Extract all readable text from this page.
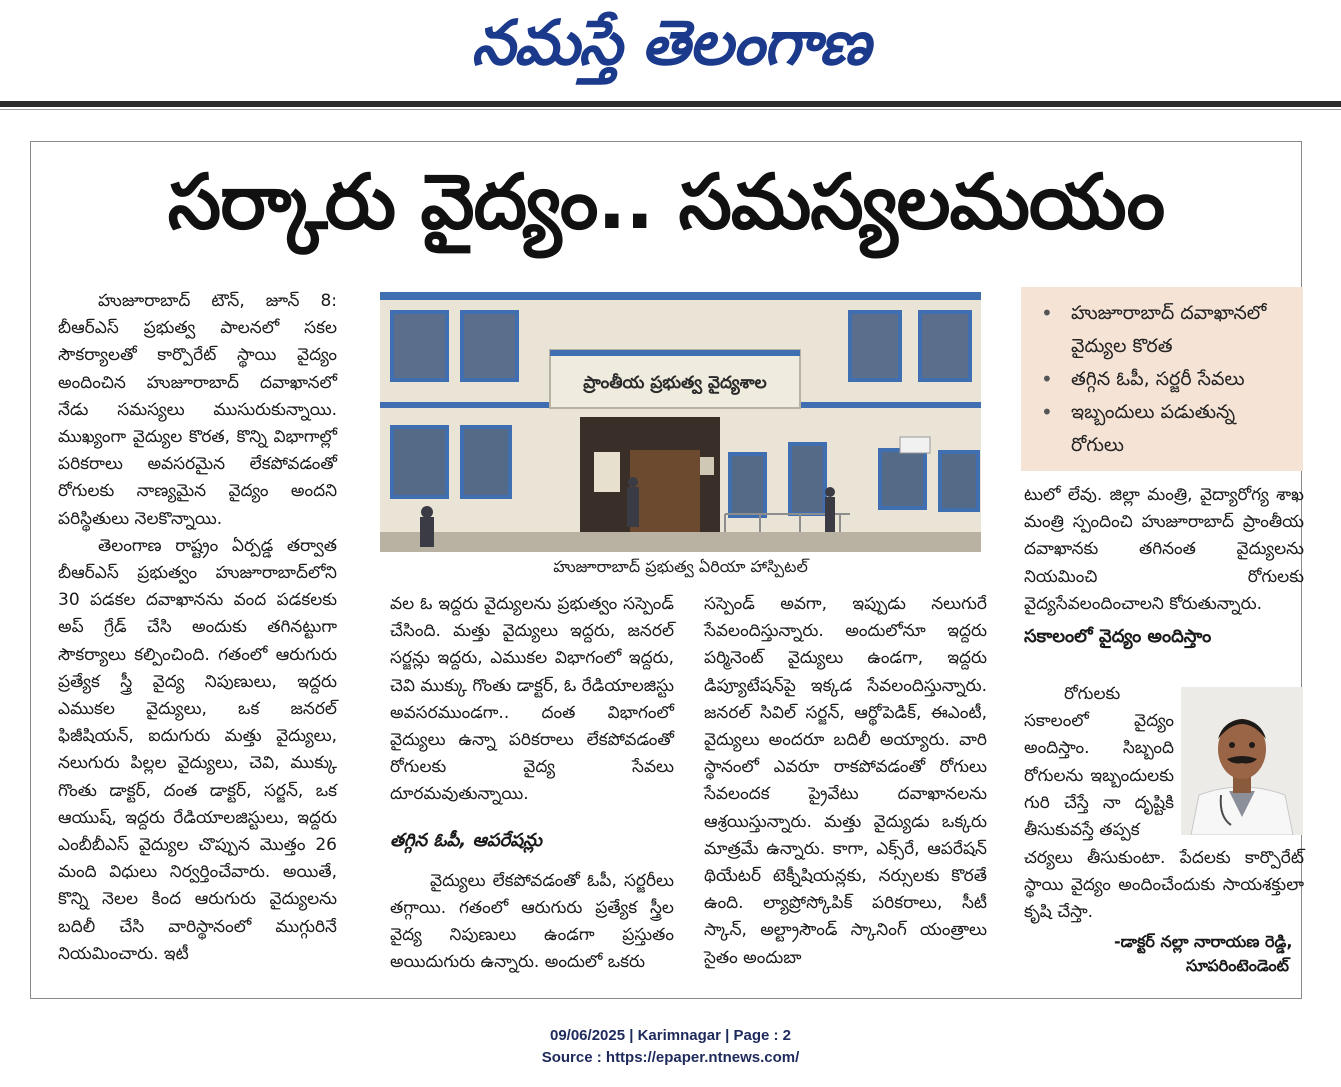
నమస్తే తెలంగాణ
సర్కారు వైద్యం.. సమస్యలమయం

హుజూరాబాద్ టౌన్, జూన్ 8: బీఆర్ఎస్ ప్రభుత్వ పాలనలో సకల సౌకర్యాలతో కార్పొరేట్ స్థాయి వైద్యం అందించిన హుజూరాబాద్ దవాఖానలో నేడు సమస్యలు ముసురుకున్నాయి. ముఖ్యంగా వైద్యుల కొరత, కొన్ని విభాగాల్లో పరికరాలు అవసరమైన లేకపోవడంతో రోగులకు నాణ్యమైన వైద్యం అందని పరిస్థితులు నెలకొన్నాయి.

తెలంగాణ రాష్ట్రం ఏర్పడ్డ తర్వాత బీఆర్ఎస్ ప్రభుత్వం హుజూరాబాద్‌లోని 30 పడకల దవాఖానను వంద పడకలకు అప్ గ్రేడ్ చేసి అందుకు తగినట్టుగా సౌకర్యాలు కల్పించింది. గతంలో ఆరుగురు ప్రత్యేక స్త్రీ వైద్య నిపుణులు, ఇద్దరు ఎముకల వైద్యులు, ఒక జనరల్ ఫిజీషియన్, ఐదుగురు మత్తు వైద్యులు, నలుగురు పిల్లల వైద్యులు, చెవి, ముక్కు గొంతు డాక్టర్, దంత డాక్టర్, సర్జన్, ఒక ఆయుష్, ఇద్దరు రేడియాలజిస్టులు, ఇద్దరు ఎంబీబీఎస్ వైద్యుల చొప్పున మొత్తం 26 మంది విధులు నిర్వర్తించేవారు. అయితే, కొన్ని నెలల కింద ఆరుగురు వైద్యులను బదిలీ చేసి వారిస్థానంలో ముగ్గురినే నియమించారు. ఇటీ

ప్రాంతీయ ప్రభుత్వ వైద్యశాల
హుజూరాబాద్ ప్రభుత్వ ఏరియా హాస్పిటల్
• హుజూరాబాద్ దవాఖానలో వైద్యుల కొరత
• తగ్గిన ఓపీ, సర్జరీ సేవలు
• ఇబ్బందులు పడుతున్న రోగులు

వల ఓ ఇద్దరు వైద్యులను ప్రభుత్వం సస్పెండ్ చేసింది. మత్తు వైద్యులు ఇద్దరు, జనరల్ సర్జన్లు ఇద్దరు, ఎముకల విభాగంలో ఇద్దరు, చెవి ముక్కు గొంతు డాక్టర్, ఓ రేడియాలజిస్టు అవసరముండగా.. దంత విభాగంలో వైద్యులు ఉన్నా పరికరాలు లేకపోవడంతో రోగులకు వైద్య సేవలు దూరమవుతున్నాయి.

తగ్గిన ఓపీ, ఆపరేషన్లు

వైద్యులు లేకపోవడంతో ఓపీ, సర్జరీలు తగ్గాయి. గతంలో ఆరుగురు ప్రత్యేక స్త్రీల వైద్య నిపుణులు ఉండగా ప్రస్తుతం అయిదుగురు ఉన్నారు. అందులో ఒకరు

సస్పెండ్ అవగా, ఇప్పుడు నలుగురే సేవలందిస్తున్నారు. అందులోనూ ఇద్దరు పర్మినెంట్ వైద్యులు ఉండగా, ఇద్దరు డిప్యూటేషన్‌పై ఇక్కడ సేవలందిస్తున్నారు. జనరల్ సివిల్ సర్జన్, ఆర్థోపెడిక్, ఈఎంటీ, వైద్యులు అందరూ బదిలీ అయ్యారు. వారి స్థానంలో ఎవరూ రాకపోవడంతో రోగులు సేవలందక ప్రైవేటు దవాఖానలను ఆశ్రయిస్తున్నారు. మత్తు వైద్యుడు ఒక్కరు మాత్రమే ఉన్నారు. కాగా, ఎక్స్‌రే, ఆపరేషన్ థియేటర్ టెక్నీషియన్లకు, నర్సులకు కొరతే ఉంది. ల్యాప్రోస్కోపిక్ పరికరాలు, సీటీ స్కాన్, అల్ట్రాసౌండ్ స్కానింగ్ యంత్రాలు సైతం అందుబా

టులో లేవు. జిల్లా మంత్రి, వైద్యారోగ్య శాఖ మంత్రి స్పందించి హుజూరాబాద్ ప్రాంతీయ దవాఖానకు తగినంత వైద్యులను నియమించి రోగులకు వైద్యసేవలందించాలని కోరుతున్నారు.

సకాలంలో వైద్యం అందిస్తాం

రోగులకు సకాలంలో వైద్యం అందిస్తాం. సిబ్బంది రోగులను ఇబ్బందులకు గురి చేస్తే నా దృష్టికి తీసుకువస్తే తప్పక

చర్యలు తీసుకుంటా. పేదలకు కార్పొరేట్ స్థాయి వైద్యం అందించేందుకు సాయశక్తులా కృషి చేస్తా.

-డాక్టర్ నల్లా నారాయణ రెడ్డి,
సూపరింటెండెంట్
09/06/2025 | Karimnagar | Page : 2
Source : https://epaper.ntnews.com/
